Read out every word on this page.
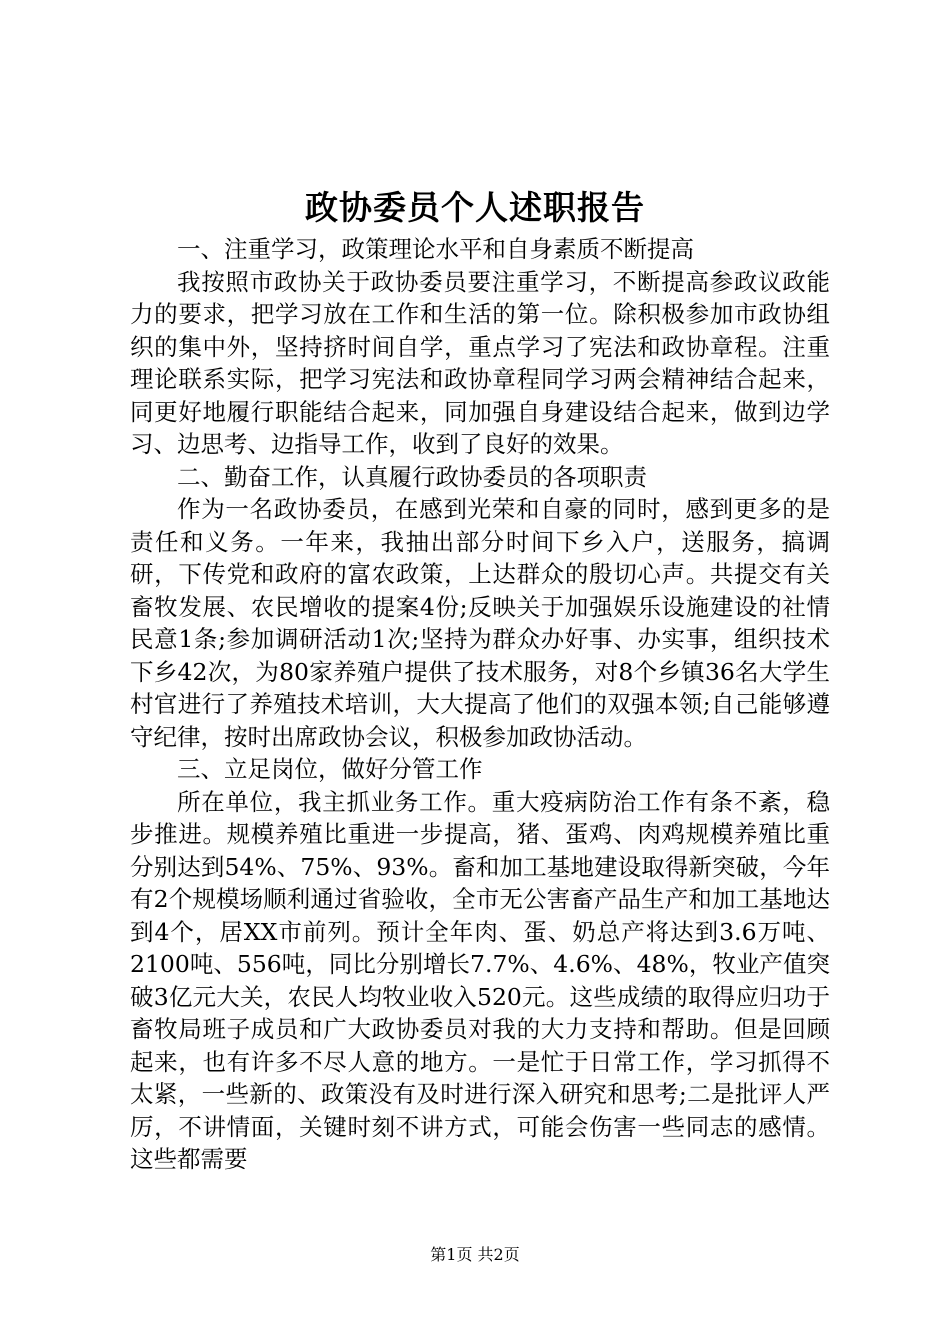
政协委员个人述职报告

一、注重学习，政策理论水平和自身素质不断提高

我按照市政协关于政协委员要注重学习，不断提高参政议政能力的要求，把学习放在工作和生活的第一位。除积极参加市政协组织的集中外，坚持挤时间自学，重点学习了宪法和政协章程。注重理论联系实际，把学习宪法和政协章程同学习两会精神结合起来，同更好地履行职能结合起来，同加强自身建设结合起来，做到边学习、边思考、边指导工作，收到了良好的效果。

二、勤奋工作，认真履行政协委员的各项职责

作为一名政协委员，在感到光荣和自豪的同时，感到更多的是责任和义务。一年来，我抽出部分时间下乡入户，送服务，搞调研，下传党和政府的富农政策，上达群众的殷切心声。共提交有关畜牧发展、农民增收的提案4份;反映关于加强娱乐设施建设的社情民意1条;参加调研活动1次;坚持为群众办好事、办实事，组织技术下乡42次，为80家养殖户提供了技术服务，对8个乡镇36名大学生村官进行了养殖技术培训，大大提高了他们的双强本领;自己能够遵守纪律，按时出席政协会议，积极参加政协活动。

三、立足岗位，做好分管工作

所在单位，我主抓业务工作。重大疫病防治工作有条不紊，稳步推进。规模养殖比重进一步提高，猪、蛋鸡、肉鸡规模养殖比重分别达到54%、75%、93%。畜和加工基地建设取得新突破，今年有2个规模场顺利通过省验收，全市无公害畜产品生产和加工基地达到4个，居XX市前列。预计全年肉、蛋、奶总产将达到3.6万吨、2100吨、556吨，同比分别增长7.7%、4.6%、48%，牧业产值突破3亿元大关，农民人均牧业收入520元。这些成绩的取得应归功于畜牧局班子成员和广大政协委员对我的大力支持和帮助。但是回顾起来，也有许多不尽人意的地方。一是忙于日常工作，学习抓得不太紧，一些新的、政策没有及时进行深入研究和思考;二是批评人严厉，不讲情面，关键时刻不讲方式，可能会伤害一些同志的感情。这些都需要

第1页 共2页
